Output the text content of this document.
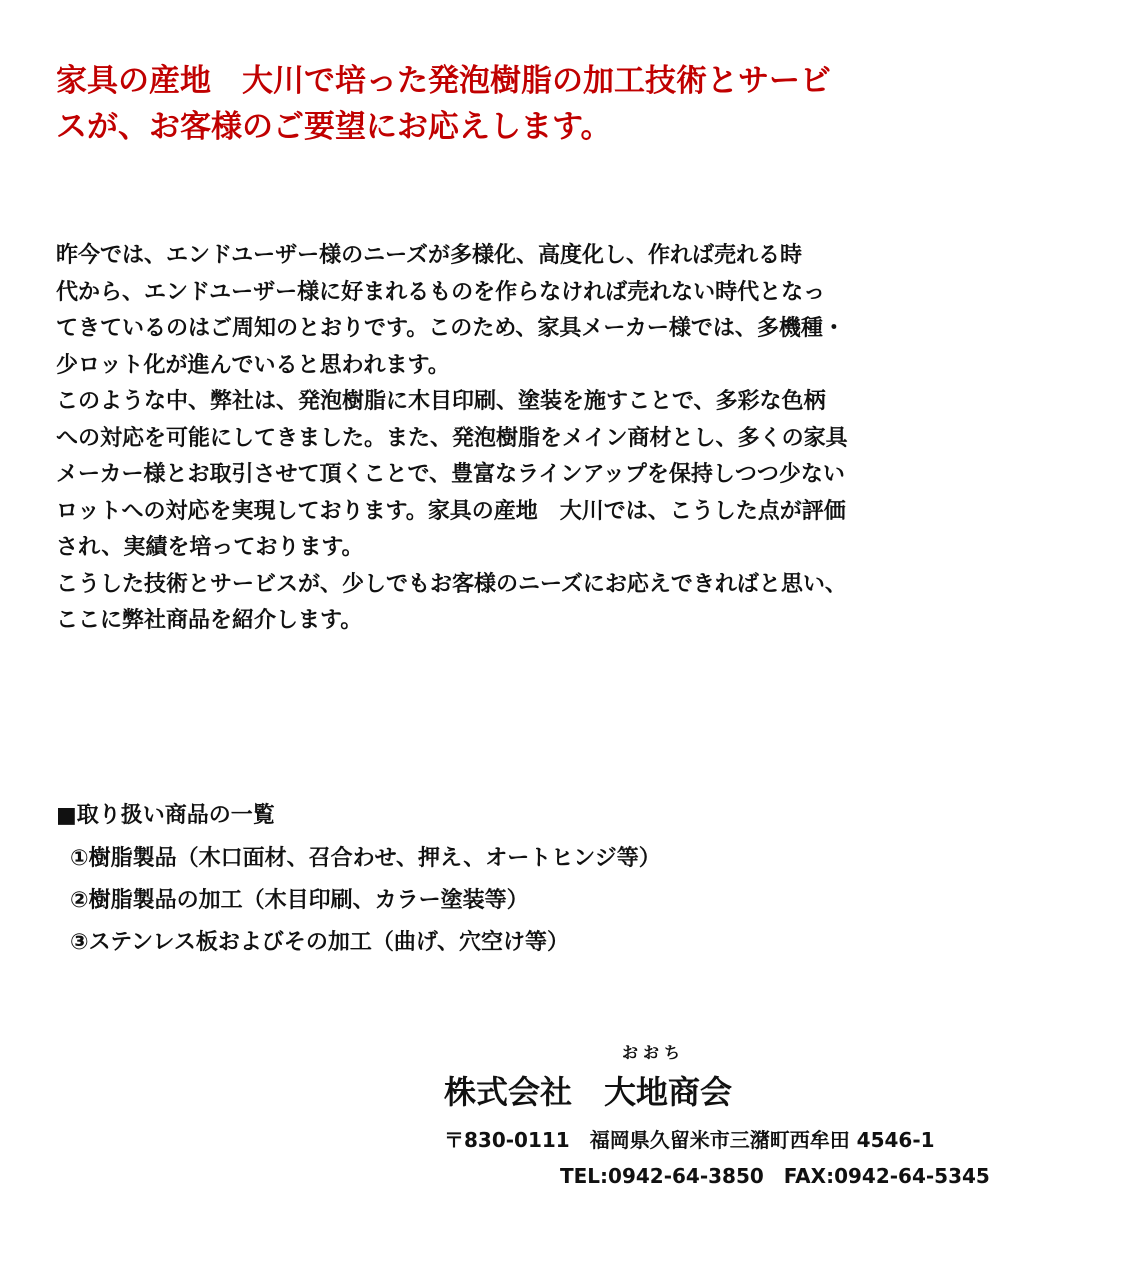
家具の産地　大川で培った発泡樹脂の加工技術とサービ
スが、お客様のご要望にお応えします。
昨今では、エンドユーザー様のニーズが多様化、高度化し、作れば売れる時
代から、エンドユーザー様に好まれるものを作らなければ売れない時代となっ
てきているのはご周知のとおりです。このため、家具メーカー様では、多機種・
少ロット化が進んでいると思われます。
このような中、弊社は、発泡樹脂に木目印刷、塗装を施すことで、多彩な色柄
への対応を可能にしてきました。また、発泡樹脂をメイン商材とし、多くの家具
メーカー様とお取引させて頂くことで、豊富なラインアップを保持しつつ少ない
ロットへの対応を実現しております。家具の産地　大川では、こうした点が評価
され、実績を培っております。
こうした技術とサービスが、少しでもお客様のニーズにお応えできればと思い、
ここに弊社商品を紹介します。
■取り扱い商品の一覧
①樹脂製品（木口面材、召合わせ、押え、オートヒンジ等）
②樹脂製品の加工（木目印刷、カラー塗装等）
③ステンレス板およびその加工（曲げ、穴空け等）
おおち
株式会社　大地商会
〒830-0111　福岡県久留米市三潴町西牟田 4546-1
TEL:0942-64-3850　FAX:0942-64-5345
